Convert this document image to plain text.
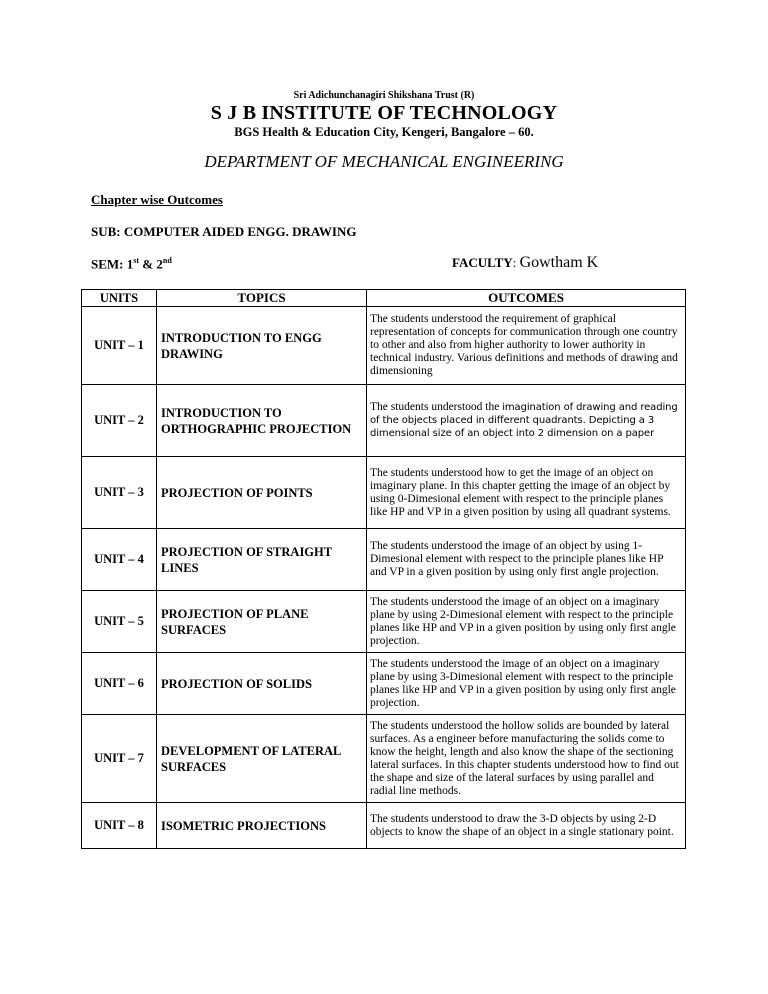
Sri Adichunchanagiri Shikshana Trust (R)
S J B INSTITUTE OF TECHNOLOGY
BGS Health & Education City, Kengeri, Bangalore – 60.
DEPARTMENT OF MECHANICAL ENGINEERING
Chapter wise Outcomes
SUB: COMPUTER AIDED ENGG. DRAWING
SEM: 1st & 2nd	FACULTY: Gowtham K
UNITS	TOPICS	OUTCOMES
UNIT – 1	INTRODUCTION TO ENGG DRAWING	The students understood the requirement of graphical representation of concepts for communication through one country to other and also from higher authority to lower authority in technical industry. Various definitions and methods of drawing and dimensioning
UNIT – 2	INTRODUCTION TO ORTHOGRAPHIC PROJECTION	The students understood the imagination of drawing and reading of the objects placed in different quadrants. Depicting a 3 dimensional size of an object into 2 dimension on a paper
UNIT – 3	PROJECTION OF POINTS	The students understood how to get the image of an object on imaginary plane. In this chapter getting the image of an object by using 0-Dimesional element with respect to the principle planes like HP and VP in a given position by using all quadrant systems.
UNIT – 4	PROJECTION OF STRAIGHT LINES	The students understood the image of an object by using 1-Dimesional element with respect to the principle planes like HP and VP in a given position by using only first angle projection.
UNIT – 5	PROJECTION OF PLANE SURFACES	The students understood the image of an object on a imaginary plane by using 2-Dimesional element with respect to the principle planes like HP and VP in a given position by using only first angle projection.
UNIT – 6	PROJECTION OF SOLIDS	The students understood the image of an object on a imaginary plane by using 3-Dimesional element with respect to the principle planes like HP and VP in a given position by using only first angle projection.
UNIT – 7	DEVELOPMENT OF LATERAL SURFACES	The students understood the hollow solids are bounded by lateral surfaces. As a engineer before manufacturing the solids come to know the height, length and also know the shape of the sectioning lateral surfaces. In this chapter students understood how to find out the shape and size of the lateral surfaces by using parallel and radial line methods.
UNIT – 8	ISOMETRIC PROJECTIONS	The students understood to draw the 3-D objects by using 2-D objects to know the shape of an object in a single stationary point.
